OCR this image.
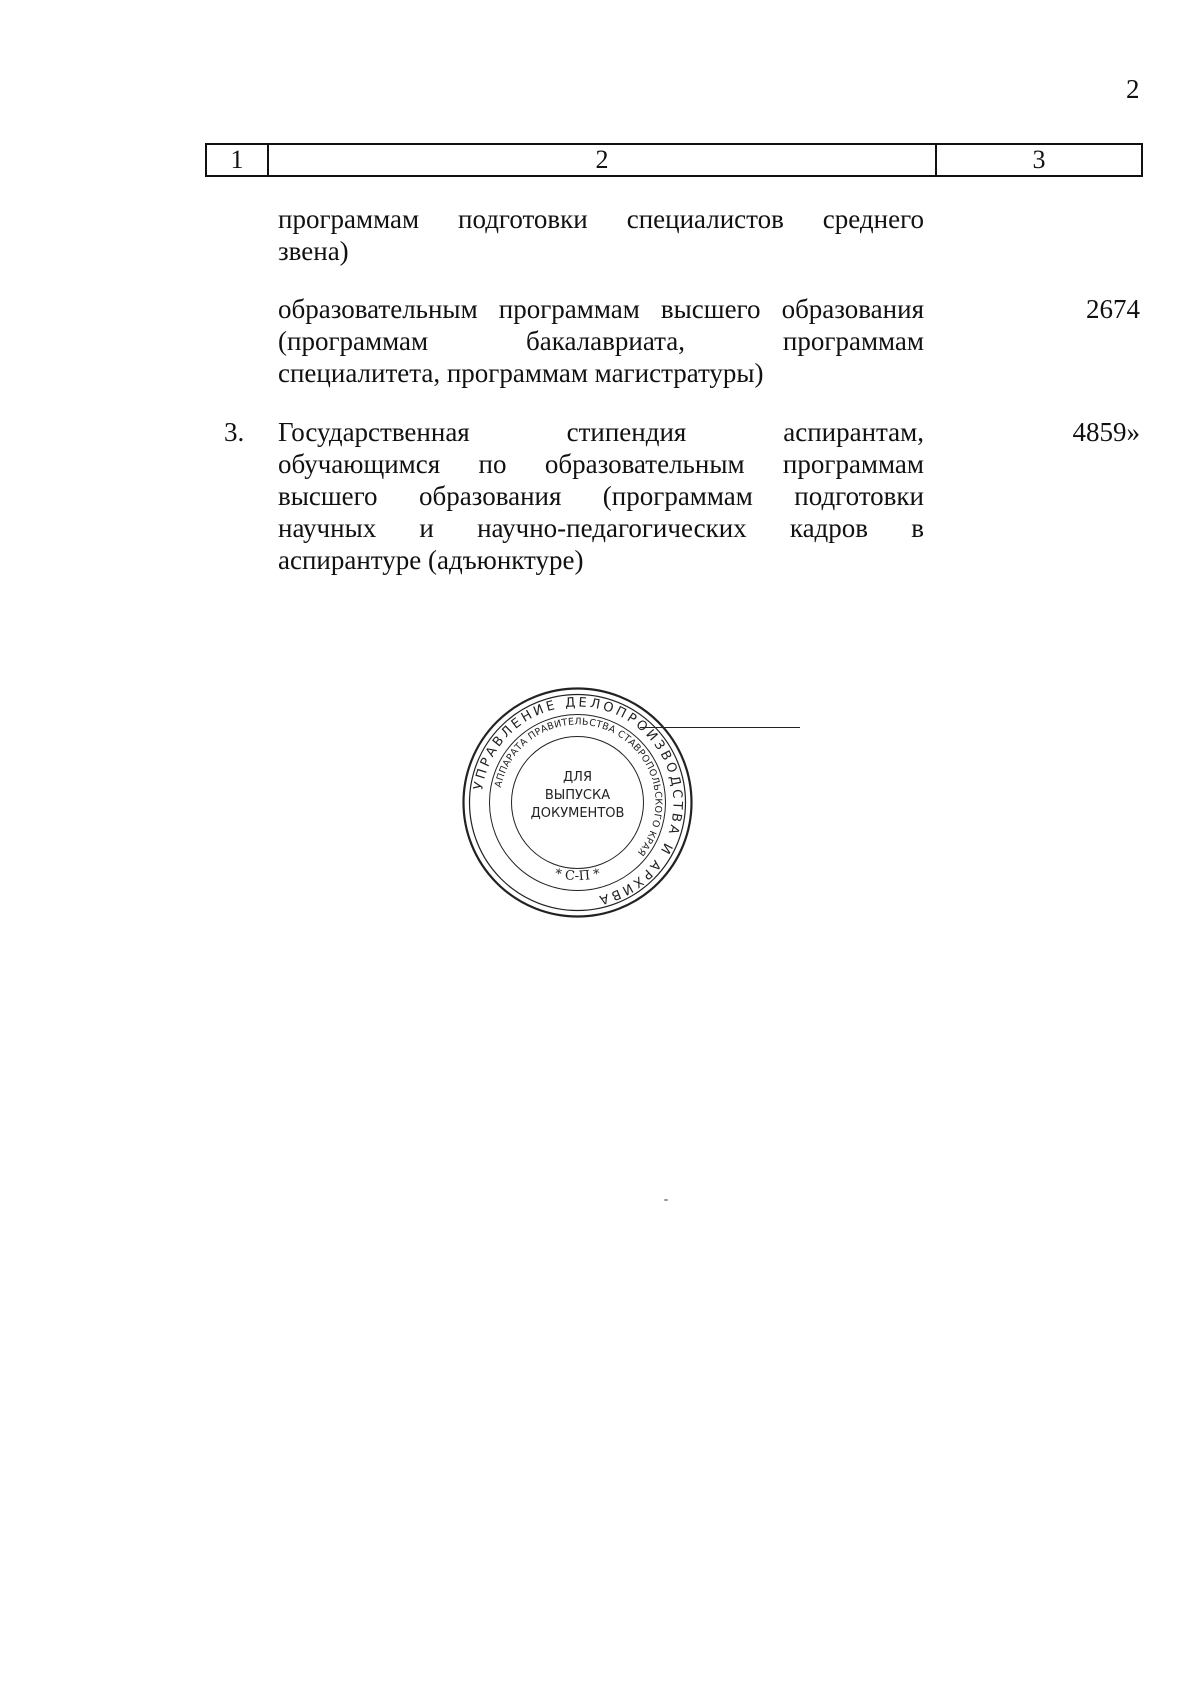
2
1	2	3
программам подготовки специалистов среднего
звена)
образовательным программам высшего образования
(программам бакалавриата, программам
специалитета, программам магистратуры)
2674
3. Государственная стипендия аспирантам,
обучающимся по образовательным программам
высшего образования (программам подготовки
научных и научно-педагогических кадров в
аспирантуре (адъюнктуре)
4859»
УПРАВЛЕНИЕ ДЕЛОПРОИЗВОДСТВА И АРХИВА
АППАРАТА ПРАВИТЕЛЬСТВА СТАВРОПОЛЬСКОГО КРАЯ
ДЛЯ
ВЫПУСКА
ДОКУМЕНТОВ
* С-П *
